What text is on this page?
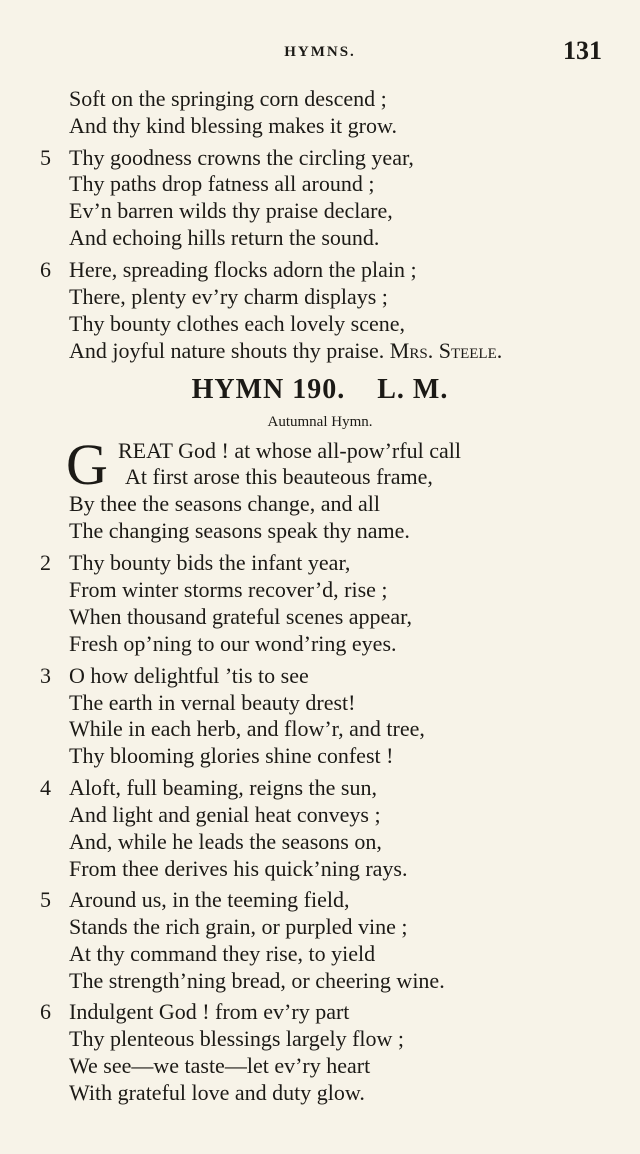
HYMNS.	131
Soft on the springing corn descend ;
And thy kind blessing makes it grow.
5 Thy goodness crowns the circling year,
Thy paths drop fatness all around ;
Ev’n barren wilds thy praise declare,
And echoing hills return the sound.
6 Here, spreading flocks adorn the plain ;
There, plenty ev’ry charm displays ;
Thy bounty clothes each lovely scene,
And joyful nature shouts thy praise. Mrs. Steele.
HYMN 190.    L. M.
Autumnal Hymn.
G REAT God ! at whose all-pow’rful call
At first arose this beauteous frame,
By thee the seasons change, and all
The changing seasons speak thy name.
2 Thy bounty bids the infant year,
From winter storms recover’d, rise ;
When thousand grateful scenes appear,
Fresh op’ning to our wond’ring eyes.
3 O how delightful ’tis to see
The earth in vernal beauty drest!
While in each herb, and flow’r, and tree,
Thy blooming glories shine confest !
4 Aloft, full beaming, reigns the sun,
And light and genial heat conveys ;
And, while he leads the seasons on,
From thee derives his quick’ning rays.
5 Around us, in the teeming field,
Stands the rich grain, or purpled vine ;
At thy command they rise, to yield
The strength’ning bread, or cheering wine.
6 Indulgent God ! from ev’ry part
Thy plenteous blessings largely flow ;
We see—we taste—let ev’ry heart
With grateful love and duty glow.
